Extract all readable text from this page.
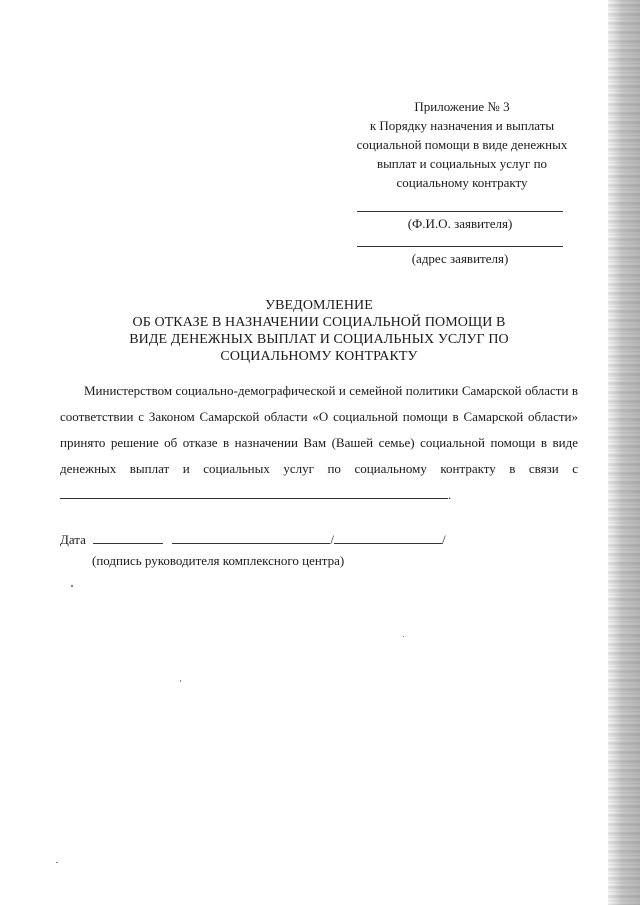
Приложение № 3
к Порядку назначения и выплаты
социальной помощи в виде денежных
выплат и социальных услуг по
социальному контракту
(Ф.И.О. заявителя)
(адрес заявителя)
УВЕДОМЛЕНИЕ
ОБ ОТКАЗЕ В НАЗНАЧЕНИИ СОЦИАЛЬНОЙ ПОМОЩИ В
ВИДЕ ДЕНЕЖНЫХ ВЫПЛАТ И СОЦИАЛЬНЫХ УСЛУГ ПО
СОЦИАЛЬНОМУ КОНТРАКТУ
Министерством социально-демографической и семейной политики Самарской области в соответствии с Законом Самарской области «О социальной помощи в Самарской области» принято решение об отказе в назначении Вам (Вашей семье) социальной помощи в виде денежных выплат и социальных услуг по социальному контракту в связи с .
Дата	/	/
(подпись руководителя комплексного центра)
